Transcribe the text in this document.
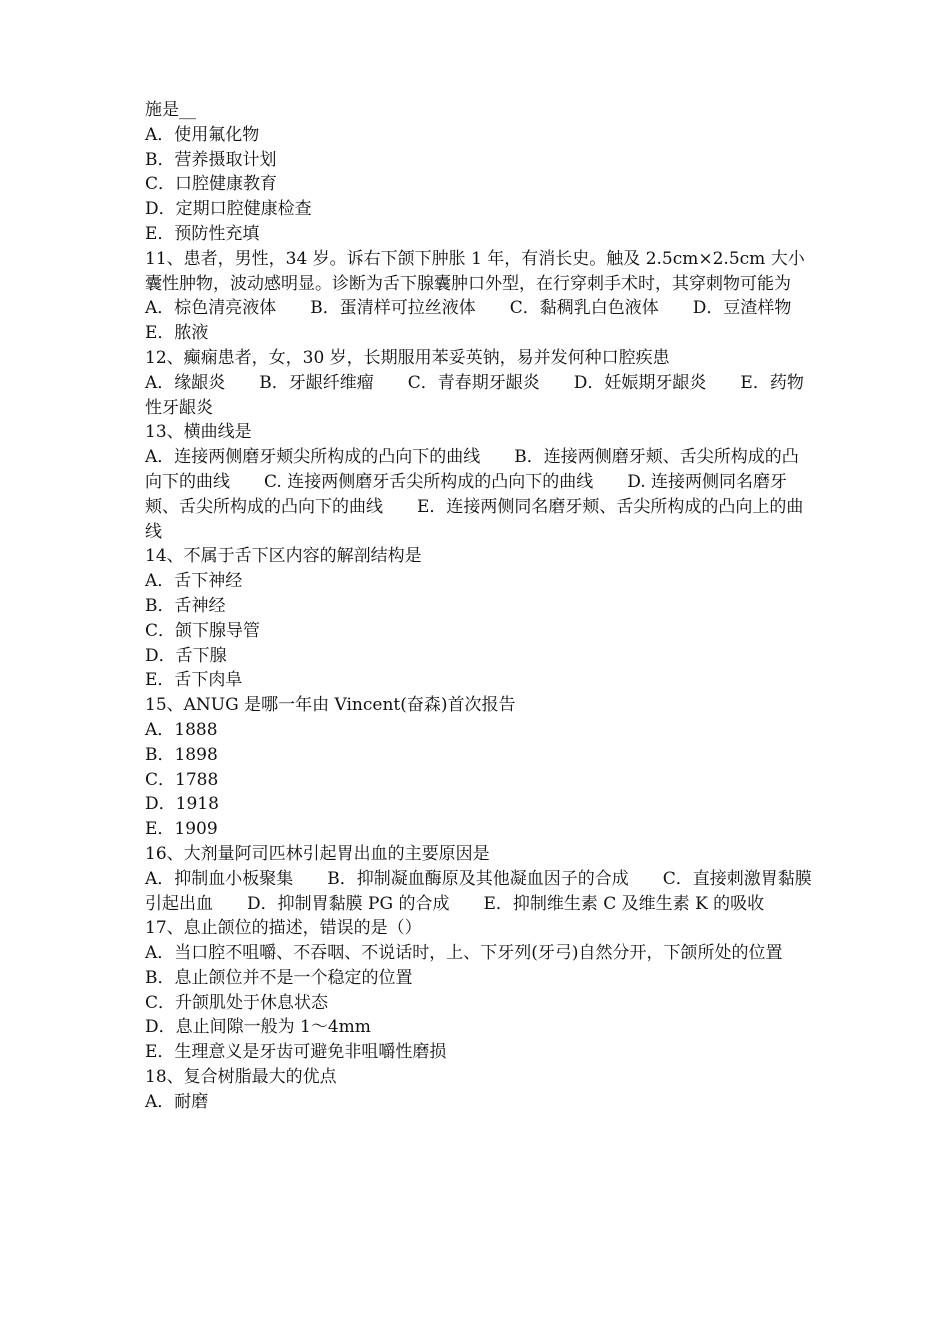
施是__
A．使用氟化物
B．营养摄取计划
C．口腔健康教育
D．定期口腔健康检查
E．预防性充填
11、患者，男性，34 岁。诉右下颌下肿胀 1 年，有消长史。触及 2.5cm×2.5cm 大小囊性肿物，波动感明显。诊断为舌下腺囊肿口外型，在行穿刺手术时，其穿刺物可能为
A．棕色清亮液体　　B．蛋清样可拉丝液体　　C．黏稠乳白色液体　　D．豆渣样物　　E．脓液
12、癫痫患者，女，30 岁，长期服用苯妥英钠，易并发何种口腔疾患
A．缘龈炎　　B．牙龈纤维瘤　　C．青春期牙龈炎　　D．妊娠期牙龈炎　　E．药物性牙龈炎
13、横曲线是
A．连接两侧磨牙颊尖所构成的凸向下的曲线　　B．连接两侧磨牙颊、舌尖所构成的凸向下的曲线　　C. 连接两侧磨牙舌尖所构成的凸向下的曲线　　D. 连接两侧同名磨牙颊、舌尖所构成的凸向下的曲线　　E．连接两侧同名磨牙颊、舌尖所构成的凸向上的曲线
14、不属于舌下区内容的解剖结构是
A．舌下神经
B．舌神经
C．颌下腺导管
D．舌下腺
E．舌下肉阜
15、ANUG 是哪一年由 Vincent(奋森)首次报告
A．1888
B．1898
C．1788
D．1918
E．1909
16、大剂量阿司匹林引起胃出血的主要原因是
A．抑制血小板聚集　　B．抑制凝血酶原及其他凝血因子的合成　　C．直接刺激胃黏膜引起出血　　D．抑制胃黏膜 PG 的合成　　E．抑制维生素 C 及维生素 K 的吸收
17、息止颌位的描述，错误的是（）
A．当口腔不咀嚼、不吞咽、不说话时，上、下牙列(牙弓)自然分开，下颌所处的位置
B．息止颌位并不是一个稳定的位置
C．升颌肌处于休息状态
D．息止间隙一般为 1～4mm
E．生理意义是牙齿可避免非咀嚼性磨损
18、复合树脂最大的优点
A．耐磨
